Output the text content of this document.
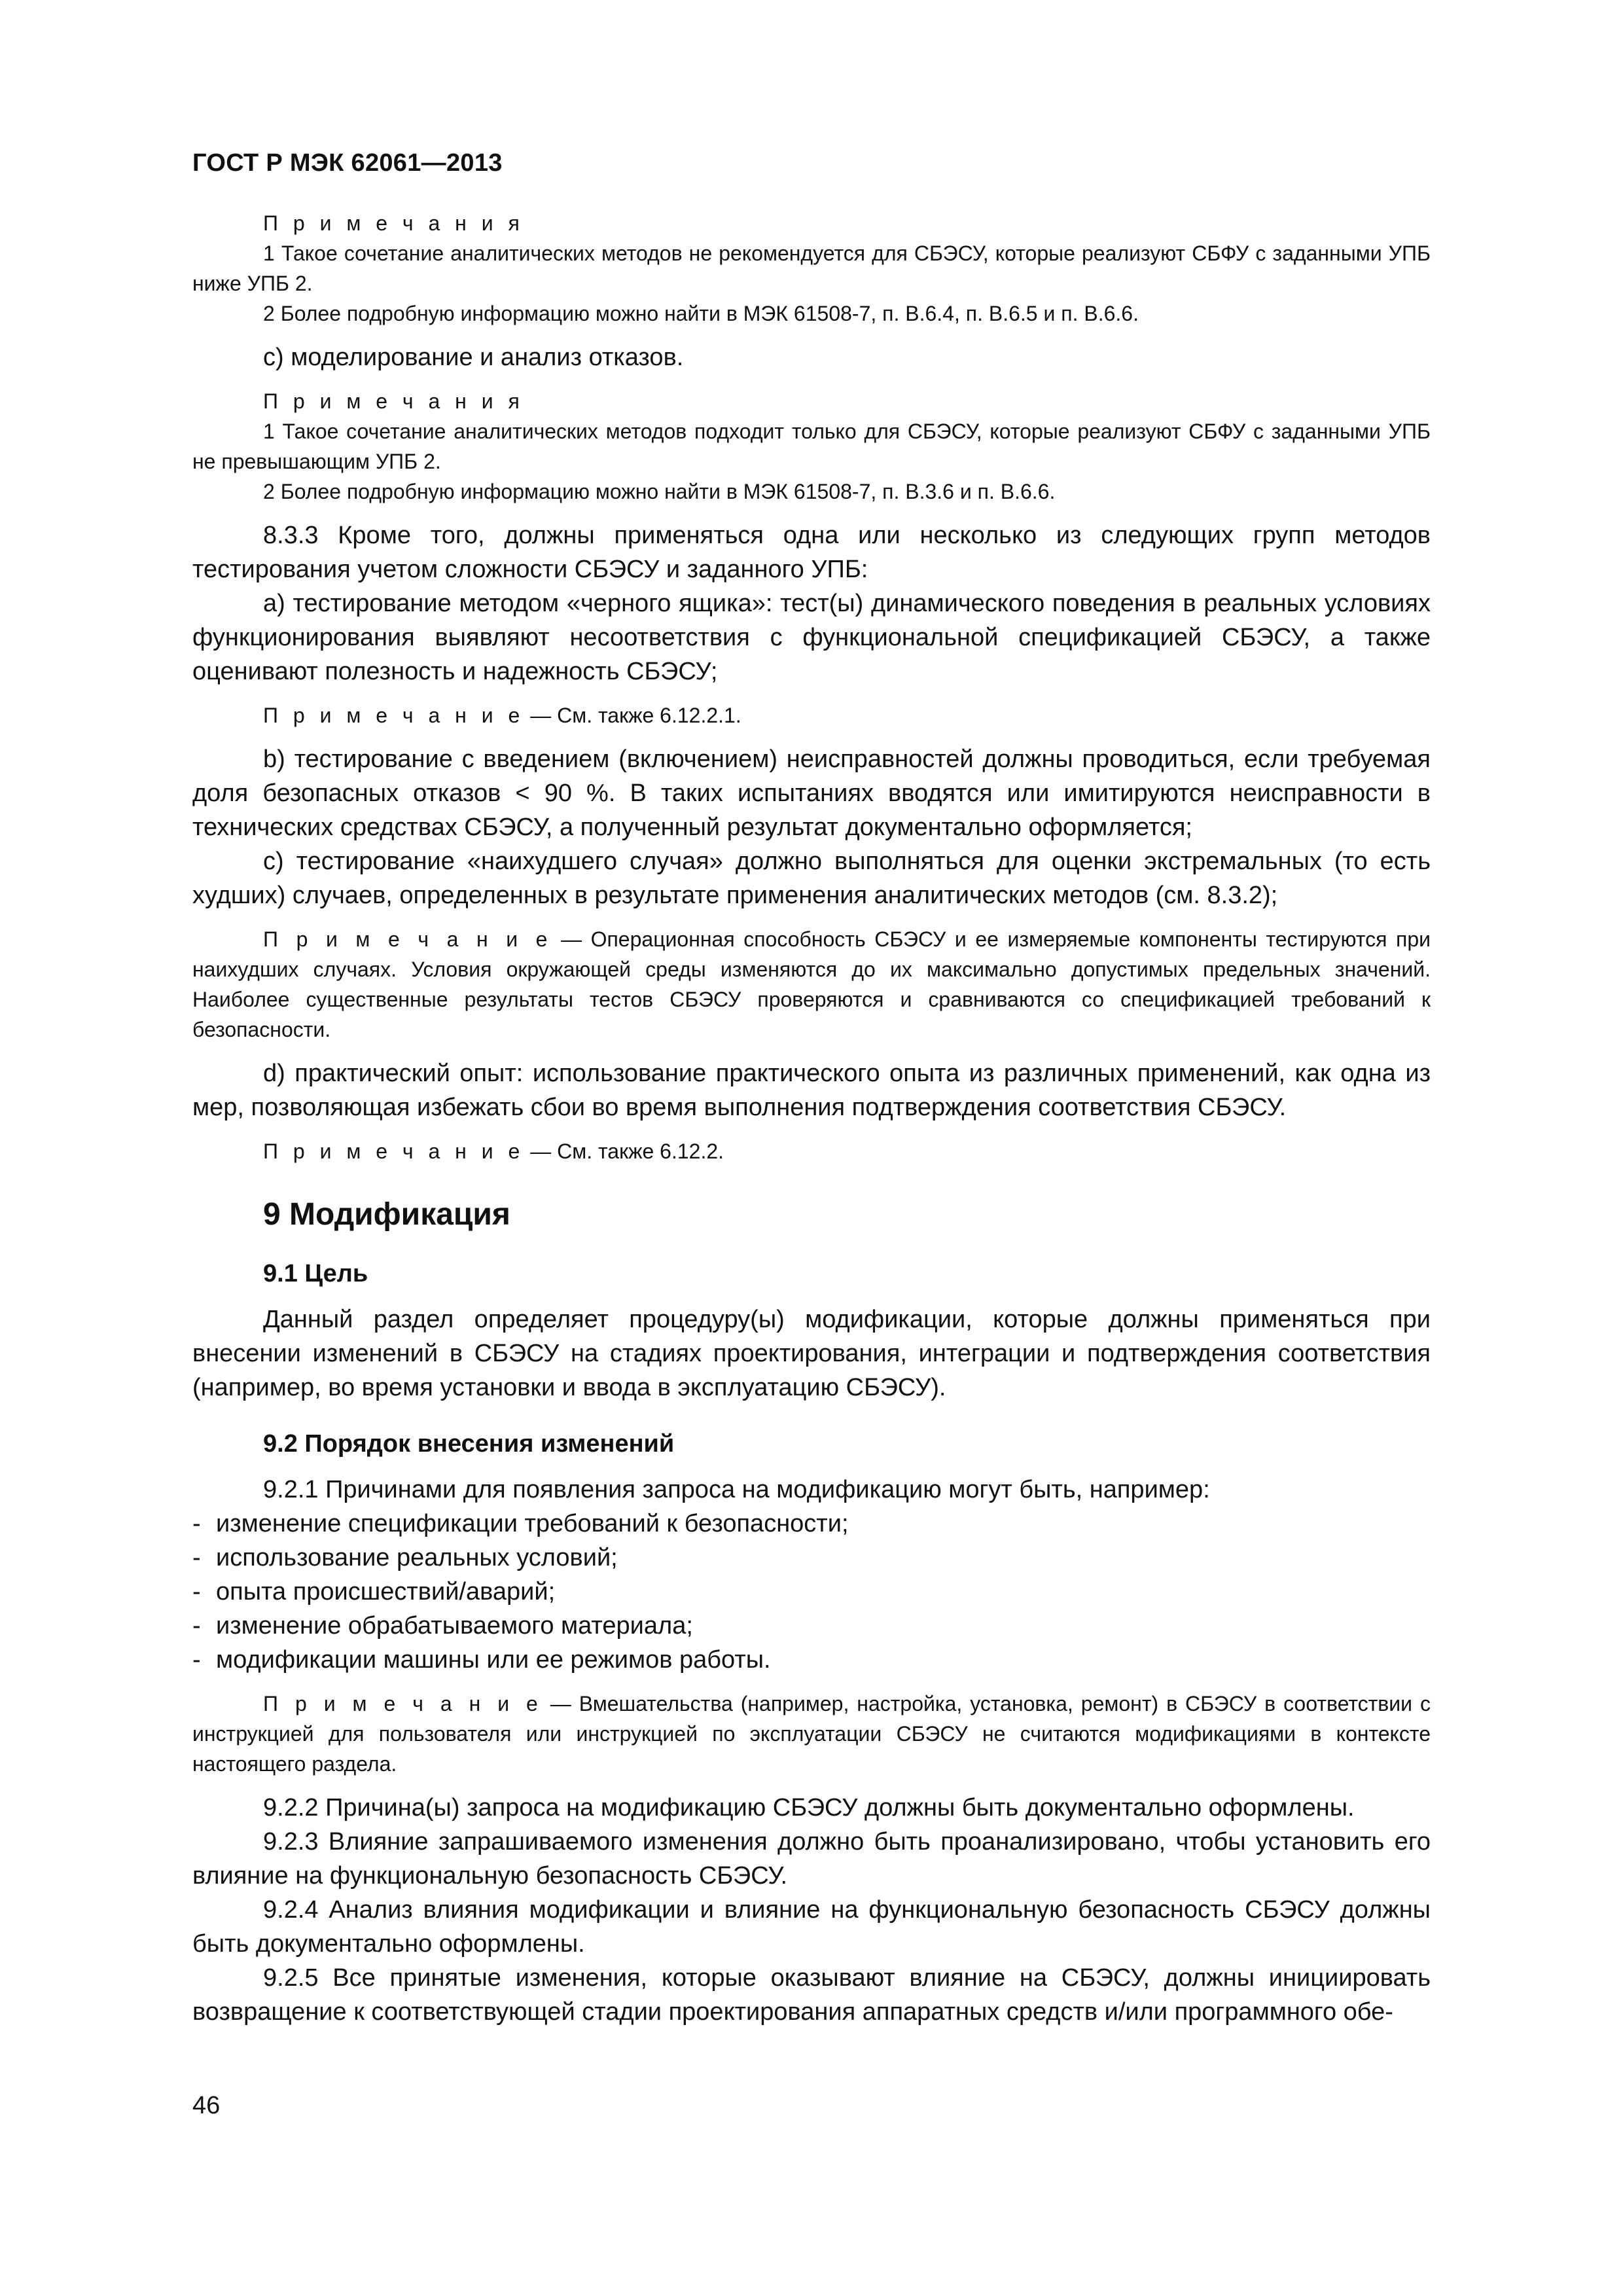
ГОСТ Р МЭК 62061—2013

П р и м е ч а н и я

1 Такое сочетание аналитических методов не рекомендуется для СБЭСУ, которые реализуют СБФУ с заданными УПБ ниже УПБ 2.

2 Более подробную информацию можно найти в МЭК 61508-7, п. В.6.4, п. В.6.5 и п. В.6.6.

c) моделирование и анализ отказов.

П р и м е ч а н и я

1 Такое сочетание аналитических методов подходит только для СБЭСУ, которые реализуют СБФУ с заданными УПБ не превышающим УПБ 2.

2 Более подробную информацию можно найти в МЭК 61508-7, п. В.3.6 и п. В.6.6.

8.3.3 Кроме того, должны применяться одна или несколько из следующих групп методов тестирования учетом сложности СБЭСУ и заданного УПБ:

a) тестирование методом «черного ящика»: тест(ы) динамического поведения в реальных условиях функционирования выявляют несоответствия с функциональной спецификацией СБЭСУ, а также оценивают полезность и надежность СБЭСУ;

П р и м е ч а н и е — См. также 6.12.2.1.

b) тестирование с введением (включением) неисправностей должны проводиться, если требуемая доля безопасных отказов < 90 %. В таких испытаниях вводятся или имитируются неисправности в технических средствах СБЭСУ, а полученный результат документально оформляется;

c) тестирование «наихудшего случая» должно выполняться для оценки экстремальных (то есть худших) случаев, определенных в результате применения аналитических методов (см. 8.3.2);

П р и м е ч а н и е — Операционная способность СБЭСУ и ее измеряемые компоненты тестируются при наихудших случаях. Условия окружающей среды изменяются до их максимально допустимых предельных значений. Наиболее существенные результаты тестов СБЭСУ проверяются и сравниваются со спецификацией требований к безопасности.

d) практический опыт: использование практического опыта из различных применений, как одна из мер, позволяющая избежать сбои во время выполнения подтверждения соответствия СБЭСУ.

П р и м е ч а н и е — См. также 6.12.2.

9 Модификация
9.1 Цель

Данный раздел определяет процедуру(ы) модификации, которые должны применяться при внесении изменений в СБЭСУ на стадиях проектирования, интеграции и подтверждения соответствия (например, во время установки и ввода в эксплуатацию СБЭСУ).

9.2 Порядок внесения изменений

9.2.1 Причинами для появления запроса на модификацию могут быть, например:

- изменение спецификации требований к безопасности;
- использование реальных условий;
- опыта происшествий/аварий;
- изменение обрабатываемого материала;
- модификации машины или ее режимов работы.

П р и м е ч а н и е — Вмешательства (например, настройка, установка, ремонт) в СБЭСУ в соответствии с инструкцией для пользователя или инструкцией по эксплуатации СБЭСУ не считаются модификациями в контексте настоящего раздела.

9.2.2 Причина(ы) запроса на модификацию СБЭСУ должны быть документально оформлены.

9.2.3 Влияние запрашиваемого изменения должно быть проанализировано, чтобы установить его влияние на функциональную безопасность СБЭСУ.

9.2.4 Анализ влияния модификации и влияние на функциональную безопасность СБЭСУ должны быть документально оформлены.

9.2.5 Все принятые изменения, которые оказывают влияние на СБЭСУ, должны инициировать возвращение к соответствующей стадии проектирования аппаратных средств и/или программного обе-

46
